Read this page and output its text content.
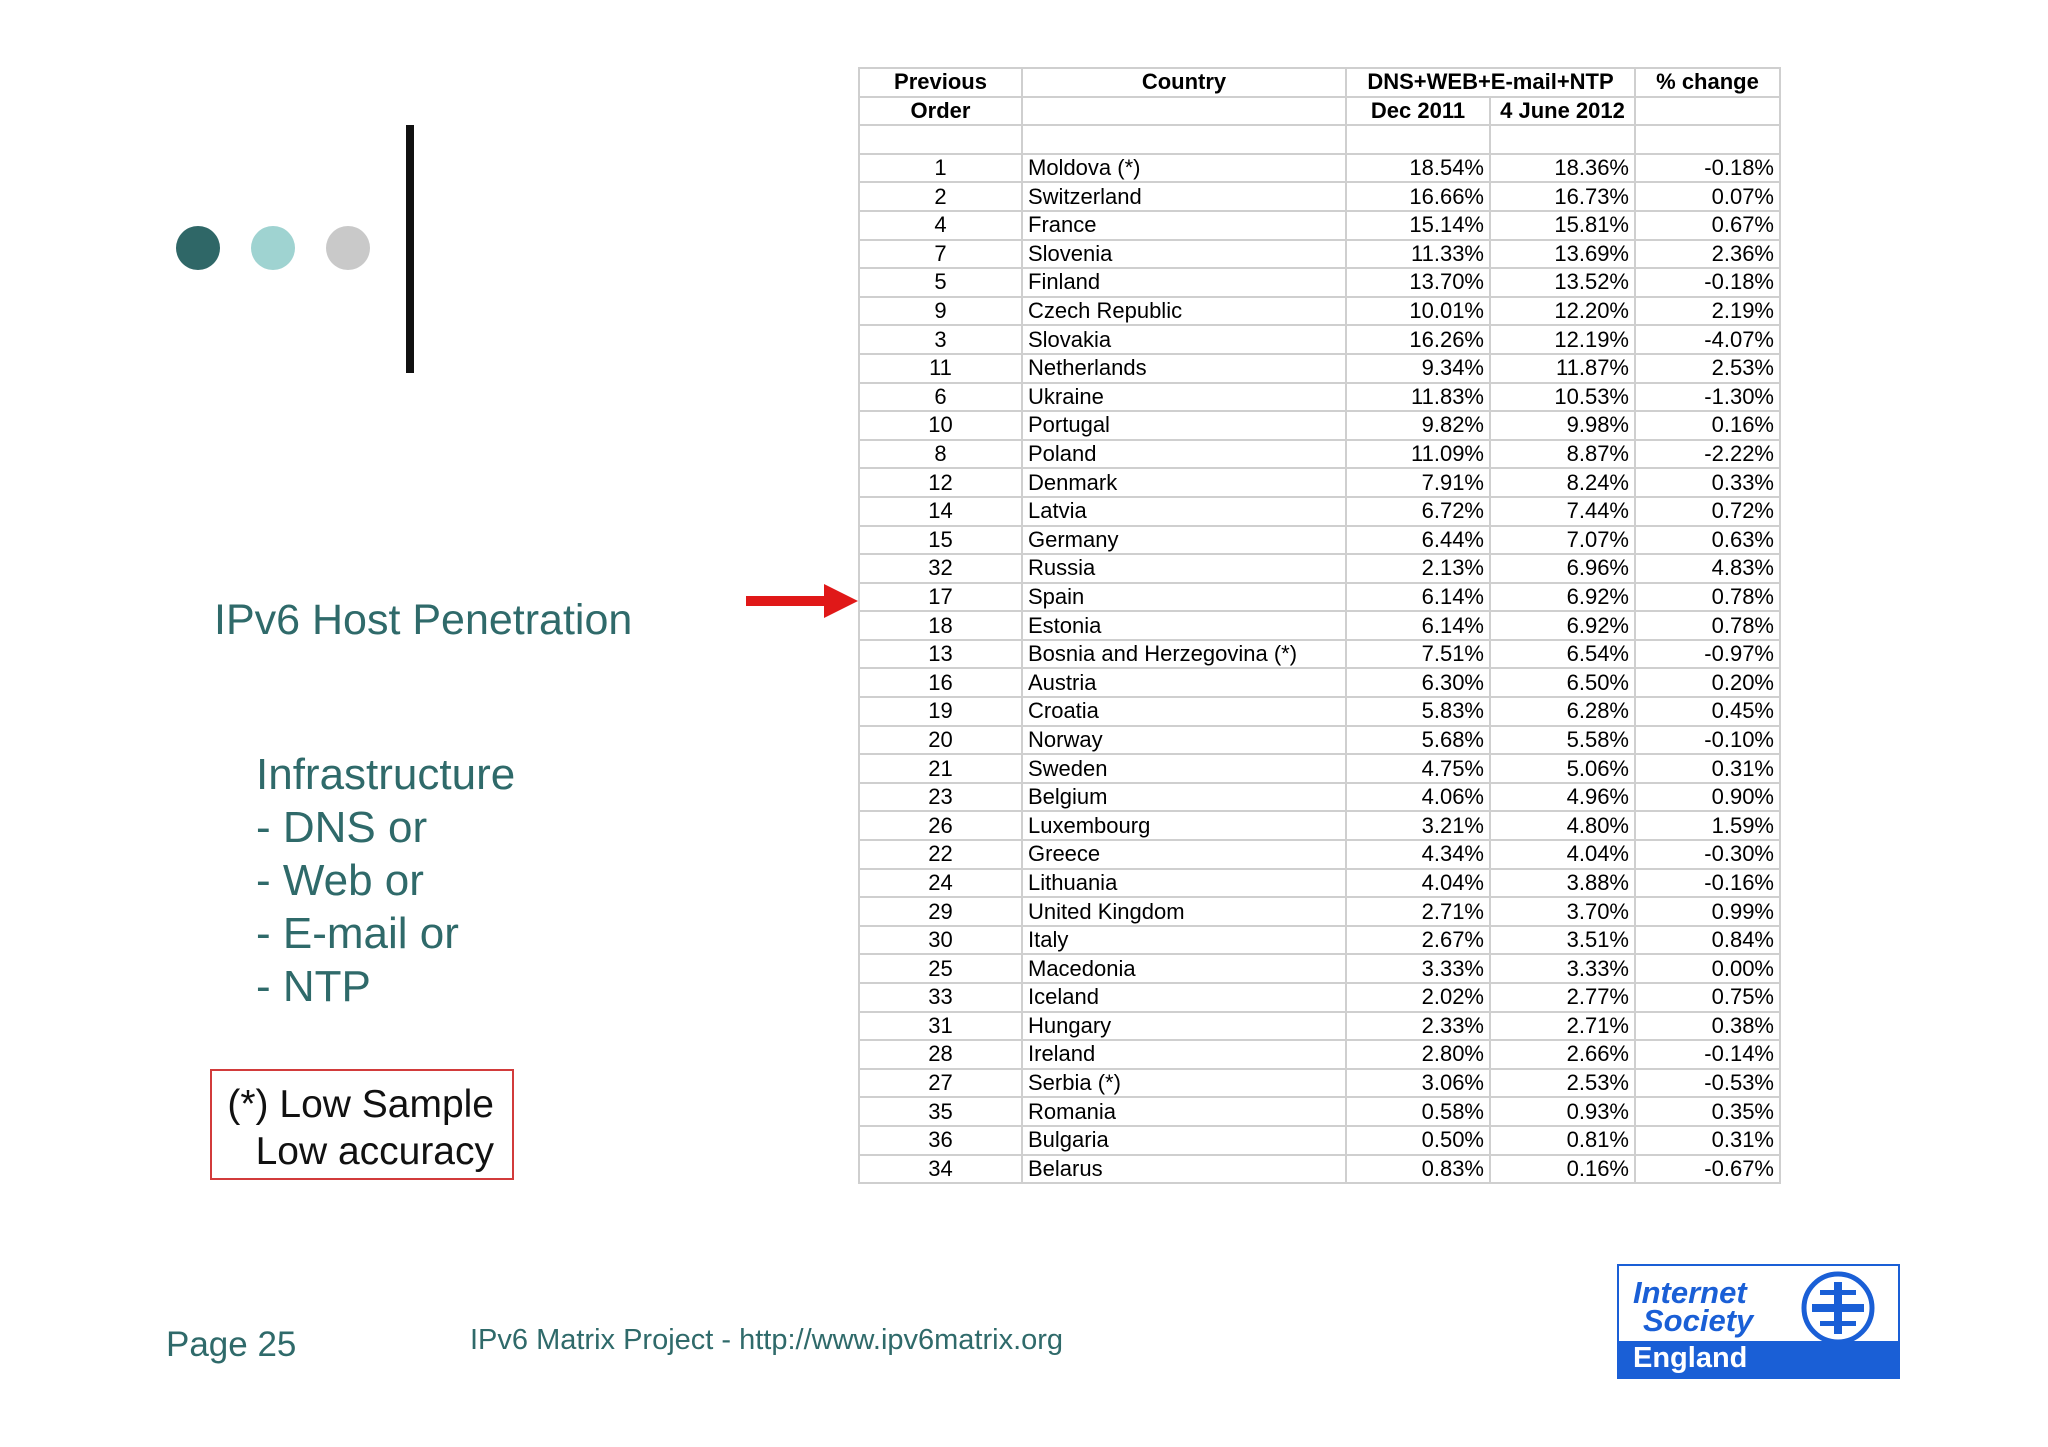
IPv6 Host Penetration
Infrastructure
- DNS or
- Web or
- E-mail or
- NTP
(*) Low Sample
Low accuracy
Previous	Country	DNS+WEB+E-mail+NTP		% change
Order		Dec 2011	4 June 2012	

1	Moldova (*)	18.54%	18.36%	-0.18%
2	Switzerland	16.66%	16.73%	0.07%
4	France	15.14%	15.81%	0.67%
7	Slovenia	11.33%	13.69%	2.36%
5	Finland	13.70%	13.52%	-0.18%
9	Czech Republic	10.01%	12.20%	2.19%
3	Slovakia	16.26%	12.19%	-4.07%
11	Netherlands	9.34%	11.87%	2.53%
6	Ukraine	11.83%	10.53%	-1.30%
10	Portugal	9.82%	9.98%	0.16%
8	Poland	11.09%	8.87%	-2.22%
12	Denmark	7.91%	8.24%	0.33%
14	Latvia	6.72%	7.44%	0.72%
15	Germany	6.44%	7.07%	0.63%
32	Russia	2.13%	6.96%	4.83%
17	Spain	6.14%	6.92%	0.78%
18	Estonia	6.14%	6.92%	0.78%
13	Bosnia and Herzegovina (*)	7.51%	6.54%	-0.97%
16	Austria	6.30%	6.50%	0.20%
19	Croatia	5.83%	6.28%	0.45%
20	Norway	5.68%	5.58%	-0.10%
21	Sweden	4.75%	5.06%	0.31%
23	Belgium	4.06%	4.96%	0.90%
26	Luxembourg	3.21%	4.80%	1.59%
22	Greece	4.34%	4.04%	-0.30%
24	Lithuania	4.04%	3.88%	-0.16%
29	United Kingdom	2.71%	3.70%	0.99%
30	Italy	2.67%	3.51%	0.84%
25	Macedonia	3.33%	3.33%	0.00%
33	Iceland	2.02%	2.77%	0.75%
31	Hungary	2.33%	2.71%	0.38%
28	Ireland	2.80%	2.66%	-0.14%
27	Serbia (*)	3.06%	2.53%	-0.53%
35	Romania	0.58%	0.93%	0.35%
36	Bulgaria	0.50%	0.81%	0.31%
34	Belarus	0.83%	0.16%	-0.67%
Page 25	IPv6 Matrix Project - http://www.ipv6matrix.org
Internet
Society
England
